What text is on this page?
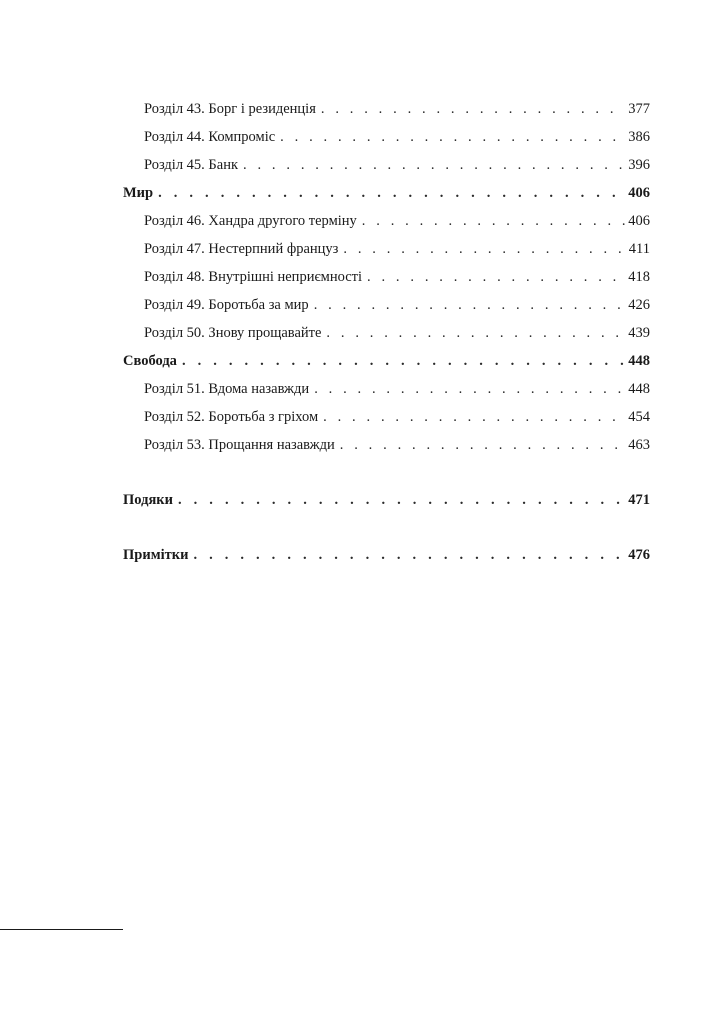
Розділ 43. Борг і резиденція . . .	377
Розділ 44. Компроміс . . .	386
Розділ 45. Банк . . .	396
Мир . . .	406
Розділ 46. Хандра другого терміну . . .	406
Розділ 47. Нестерпний француз . . .	411
Розділ 48. Внутрішні неприємності . . .	418
Розділ 49. Боротьба за мир . . .	426
Розділ 50. Знову прощавайте . . .	439
Свобода . . .	448
Розділ 51. Вдома назавжди . . .	448
Розділ 52. Боротьба з гріхом . . .	454
Розділ 53. Прощання назавжди . . .	463
Подяки . . .	471
Примітки . . .	476
